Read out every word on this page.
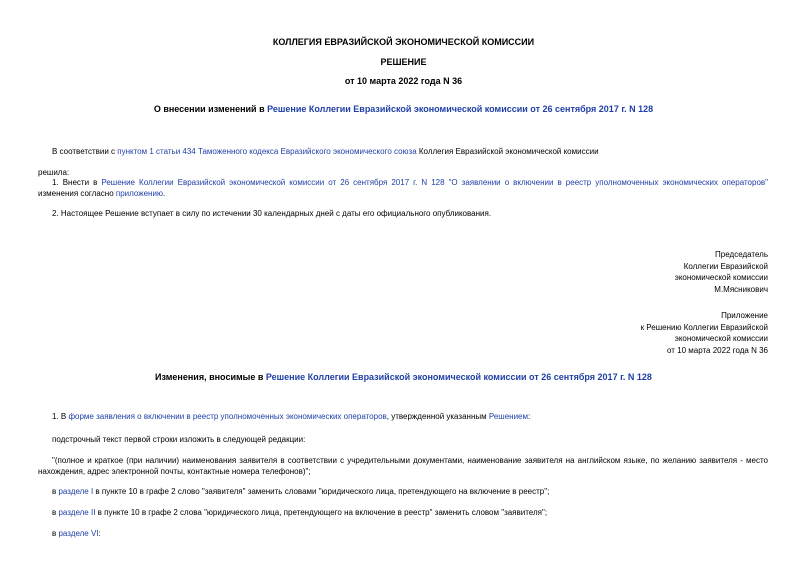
КОЛЛЕГИЯ ЕВРАЗИЙСКОЙ ЭКОНОМИЧЕСКОЙ КОМИССИИ
РЕШЕНИЕ
от 10 марта 2022 года N 36
О внесении изменений в Решение Коллегии Евразийской экономической комиссии от 26 сентября 2017 г. N 128
В соответствии с пунктом 1 статьи 434 Таможенного кодекса Евразийского экономического союза Коллегия Евразийской экономической комиссии
решила:
1. Внести в Решение Коллегии Евразийской экономической комиссии от 26 сентября 2017 г. N 128 "О заявлении о включении в реестр уполномоченных экономических операторов" изменения согласно приложению.
2. Настоящее Решение вступает в силу по истечении 30 календарных дней с даты его официального опубликования.
Председатель
Коллегии Евразийской
экономической комиссии
М.Мясникович
Приложение
к Решению Коллегии Евразийской
экономической комиссии
от 10 марта 2022 года N 36
Изменения, вносимые в Решение Коллегии Евразийской экономической комиссии от 26 сентября 2017 г. N 128
1. В форме заявления о включении в реестр уполномоченных экономических операторов, утвержденной указанным Решением:
подстрочный текст первой строки изложить в следующей редакции:
"(полное и краткое (при наличии) наименования заявителя в соответствии с учредительными документами, наименование заявителя на английском языке, по желанию заявителя - место нахождения, адрес электронной почты, контактные номера телефонов)";
в разделе I в пункте 10 в графе 2 слово "заявителя" заменить словами "юридического лица, претендующего на включение в реестр";
в разделе II в пункте 10 в графе 2 слова "юридического лица, претендующего на включение в реестр" заменить словом "заявителя";
в разделе VI:
